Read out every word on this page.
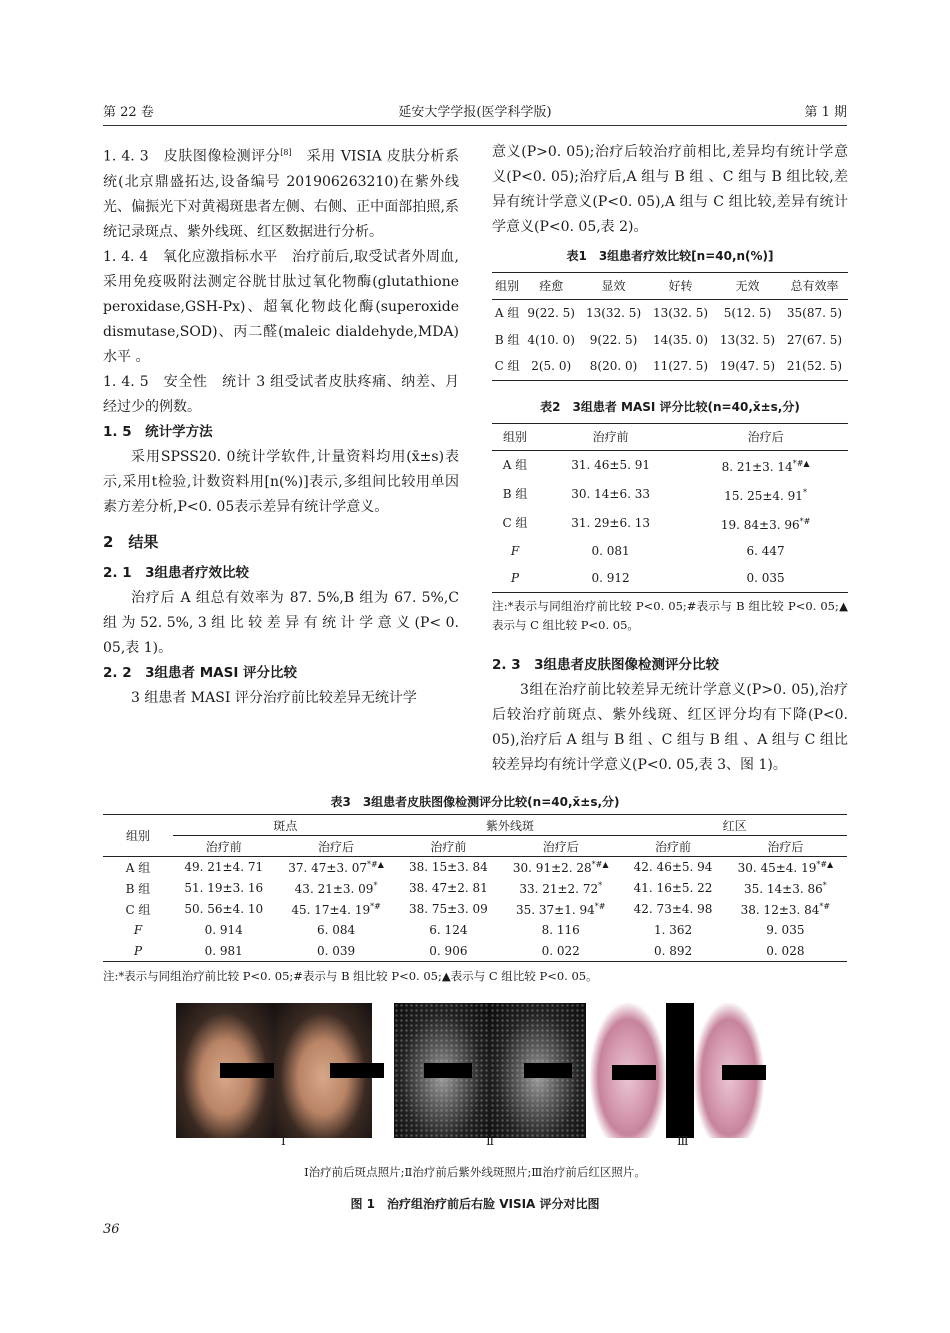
第 22 卷	延安大学学报(医学科学版)	第 1 期

1. 4. 3　皮肤图像检测评分[8]　采用 VISIA 皮肤分析系统(北京鼎盛拓达,设备编号 201906263210)在紫外线光、偏振光下对黄褐斑患者左侧、右侧、正中面部拍照,系统记录斑点、紫外线斑、红区数据进行分析。

1. 4. 4　氧化应激指标水平　治疗前后,取受试者外周血,采用免疫吸附法测定谷胱甘肽过氧化物酶(glutathione peroxidase,GSH-Px)、超氧化物歧化酶(superoxide dismutase,SOD)、丙二醛(maleic dialdehyde,MDA)水平 。

1. 4. 5　安全性　统计 3 组受试者皮肤疼痛、纳差、月经过少的例数。

1. 5　统计学方法

采用SPSS20. 0统计学软件,计量资料均用(x̄±s)表示,采用t检验,计数资料用[n(%)]表示,多组间比较用单因素方差分析,P<0. 05表示差异有统计学意义。

2　结果
2. 1　3组患者疗效比较

治疗后 A 组总有效率为 87. 5%,B 组为 67. 5%,C 组 为 52. 5%, 3 组 比 较 差 异 有 统 计 学 意 义 (P< 0. 05,表 1)。

2. 2　3组患者 MASI 评分比较

3 组患者 MASI 评分治疗前比较差异无统计学

意义(P>0. 05);治疗后较治疗前相比,差异均有统计学意义(P<0. 05);治疗后,A 组与 B 组 、C 组与 B 组比较,差异有统计学意义(P<0. 05),A 组与 C 组比较,差异有统计学意义(P<0. 05,表 2)。

表1　3组患者疗效比较[n=40,n(%)]
组别	痊愈	显效	好转	无效	总有效率
A 组	9(22. 5)	13(32. 5)	13(32. 5)	5(12. 5)	35(87. 5)
B 组	4(10. 0)	9(22. 5)	14(35. 0)	13(32. 5)	27(67. 5)
C 组	2(5. 0)	8(20. 0)	11(27. 5)	19(47. 5)	21(52. 5)
表2　3组患者 MASI 评分比较(n=40,x̄±s,分)
组别	治疗前	治疗后
A 组	31. 46±5. 91	8. 21±3. 14*#▲
B 组	30. 14±6. 33	15. 25±4. 91*
C 组	31. 29±6. 13	19. 84±3. 96*#
F	0. 081	6. 447
P	0. 912	0. 035

注:*表示与同组治疗前比较 P<0. 05;#表示与 B 组比较 P<0. 05;▲表示与 C 组比较 P<0. 05。

2. 3　3组患者皮肤图像检测评分比较

3组在治疗前比较差异无统计学意义(P>0. 05),治疗后较治疗前斑点、紫外线斑、红区评分均有下降(P<0. 05),治疗后 A 组与 B 组 、C 组与 B 组 、A 组与 C 组比较差异均有统计学意义(P<0. 05,表 3、图 1)。

表3　3组患者皮肤图像检测评分比较(n=40,x̄±s,分)
组别	斑点		紫外线斑		红区	
	治疗前	治疗后	治疗前	治疗后	治疗前	治疗后
A 组	49. 21±4. 71	37. 47±3. 07*#▲	38. 15±3. 84	30. 91±2. 28*#▲	42. 46±5. 94	30. 45±4. 19*#▲
B 组	51. 19±3. 16	43. 21±3. 09*	38. 47±2. 81	33. 21±2. 72*	41. 16±5. 22	35. 14±3. 86*
C 组	50. 56±4. 10	45. 17±4. 19*#	38. 75±3. 09	35. 37±1. 94*#	42. 73±4. 98	38. 12±3. 84*#
F	0. 914	6. 084	6. 124	8. 116	1. 362	9. 035
P	0. 981	0. 039	0. 906	0. 022	0. 892	0. 028

注:*表示与同组治疗前比较 P<0. 05;#表示与 B 组比较 P<0. 05;▲表示与 C 组比较 P<0. 05。

Ⅰ	Ⅱ	Ⅲ
Ⅰ治疗前后斑点照片;Ⅱ治疗前后紫外线斑照片;Ⅲ治疗前后红区照片。
图 1　治疗组治疗前后右脸 VISIA 评分对比图
36
